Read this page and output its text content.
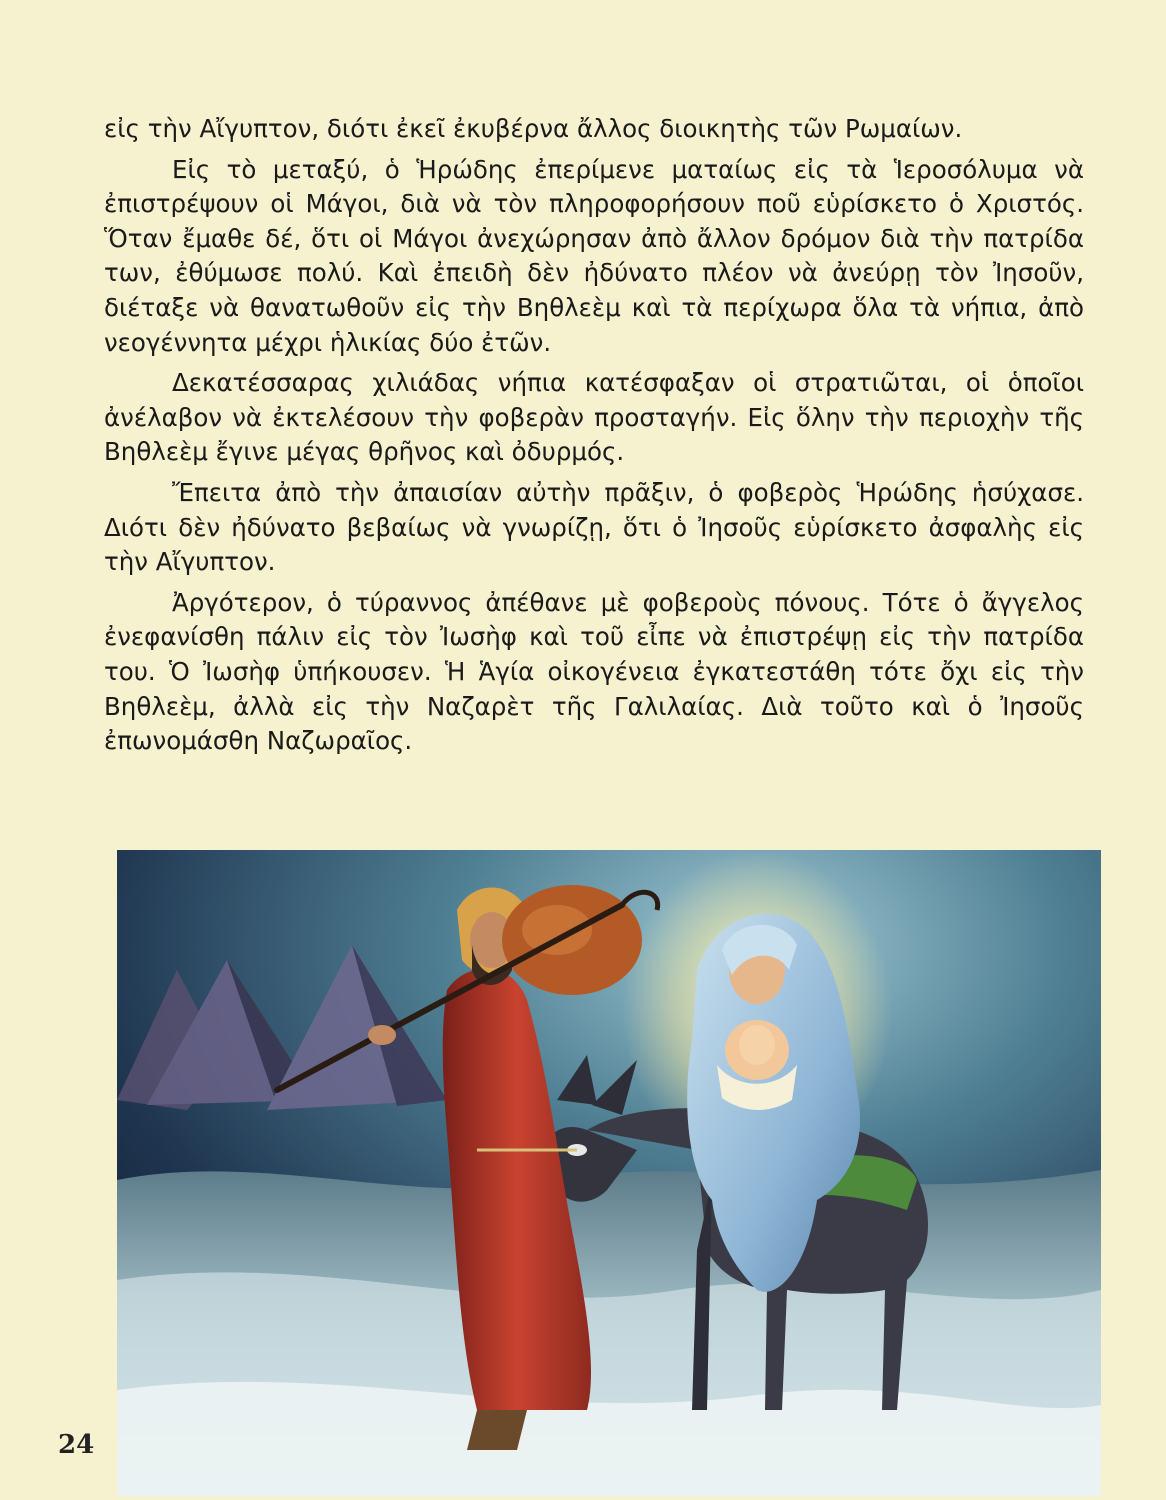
εἰς τὴν Αἴγυπτον, διότι ἐκεῖ ἐκυβέρνα ἄλλος διοικητὴς τῶν Ρωμαίων.

Εἰς τὸ μεταξύ, ὁ Ἡρώδης ἐπερίμενε ματαίως εἰς τὰ Ἱεροσόλυμα νὰ ἐπιστρέψουν οἱ Μάγοι, διὰ νὰ τὸν πληροφορήσουν ποῦ εὑρίσκετο ὁ Χριστός. Ὅταν ἔμαθε δέ, ὅτι οἱ Μάγοι ἀνεχώρησαν ἀπὸ ἄλλον δρόμον διὰ τὴν πατρίδα των, ἐθύμωσε πολύ. Καὶ ἐπειδὴ δὲν ἠδύνατο πλέον νὰ ἀνεύρῃ τὸν Ἰησοῦν, διέταξε νὰ θανατωθοῦν εἰς τὴν Βηθλεὲμ καὶ τὰ περίχωρα ὅλα τὰ νήπια, ἀπὸ νεογέννητα μέχρι ἡλικίας δύο ἐτῶν.

Δεκατέσσαρας χιλιάδας νήπια κατέσφαξαν οἱ στρατιῶται, οἱ ὁποῖοι ἀνέλαβον νὰ ἐκτελέσουν τὴν φοβερὰν προσταγήν. Εἰς ὅλην τὴν περιοχὴν τῆς Βηθλεὲμ ἔγινε μέγας θρῆνος καὶ ὀδυρμός.

Ἔπειτα ἀπὸ τὴν ἀπαισίαν αὐτὴν πρᾶξιν, ὁ φοβερὸς Ἡρώδης ἡσύχασε. Διότι δὲν ἠδύνατο βεβαίως νὰ γνωρίζῃ, ὅτι ὁ Ἰησοῦς εὑρίσκετο ἀσφαλὴς εἰς τὴν Αἴγυπτον.

Ἀργότερον, ὁ τύραννος ἀπέθανε μὲ φοβεροὺς πόνους. Τότε ὁ ἄγγελος ἐνεφανίσθη πάλιν εἰς τὸν Ἰωσὴφ καὶ τοῦ εἶπε νὰ ἐπιστρέψῃ εἰς τὴν πατρίδα του. Ὁ Ἰωσὴφ ὑπήκουσεν. Ἡ Ἁγία οἰκογένεια ἐγκατεστάθη τότε ὄχι εἰς τὴν Βηθλεὲμ, ἀλλὰ εἰς τὴν Ναζαρὲτ τῆς Γαλιλαίας. Διὰ τοῦτο καὶ ὁ Ἰησοῦς ἐπωνομάσθη Ναζωραῖος.

24
